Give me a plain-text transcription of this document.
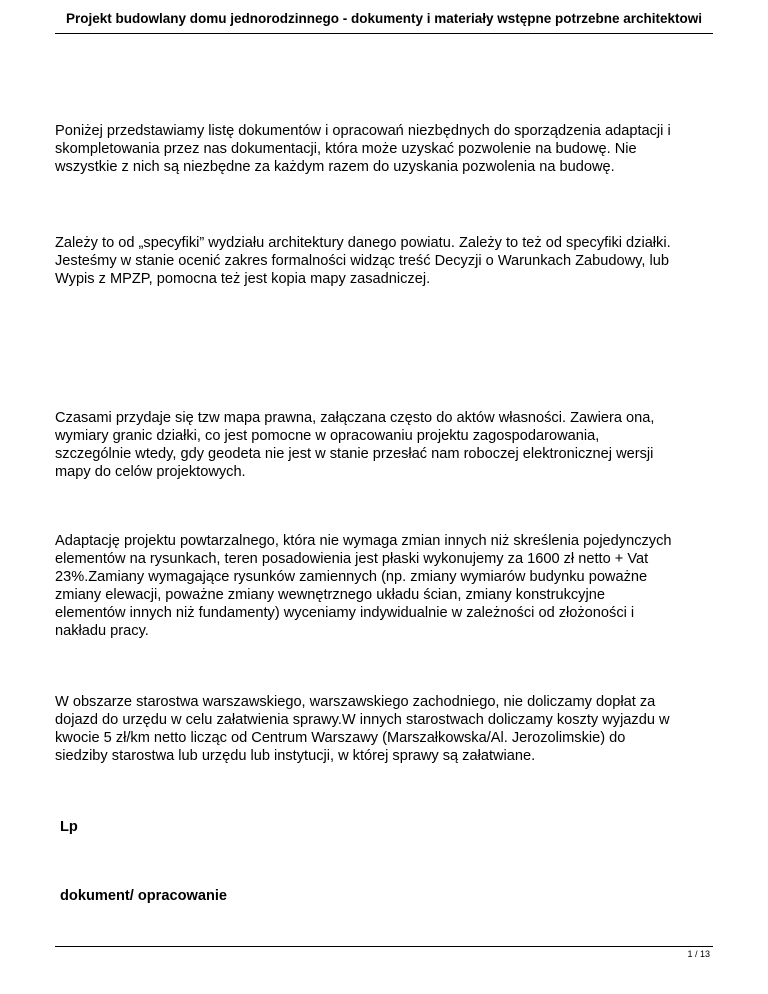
Projekt budowlany domu jednorodzinnego - dokumenty i materiały wstępne potrzebne architektowi
Poniżej przedstawiamy listę dokumentów i opracowań niezbędnych do sporządzenia adaptacji i
skompletowania przez nas dokumentacji, która może uzyskać pozwolenie na budowę. Nie
wszystkie z nich są niezbędne za każdym razem do uzyskania pozwolenia na budowę.
Zależy to od „specyfiki” wydziału architektury danego powiatu. Zależy to też od specyfiki działki.
Jesteśmy w stanie ocenić zakres formalności widząc treść Decyzji o Warunkach Zabudowy, lub
Wypis z MPZP, pomocna też jest kopia mapy zasadniczej.
Czasami przydaje się tzw mapa prawna, załączana często do aktów własności. Zawiera ona,
wymiary granic działki, co jest pomocne w opracowaniu projektu zagospodarowania,
szczególnie wtedy, gdy geodeta nie jest w stanie przesłać nam roboczej elektronicznej wersji
mapy do celów projektowych.
Adaptację projektu powtarzalnego, która nie wymaga zmian innych niż skreślenia pojedynczych
elementów na rysunkach, teren posadowienia jest płaski wykonujemy za 1600 zł netto + Vat
23%.Zamiany wymagające rysunków zamiennych (np. zmiany wymiarów budynku poważne
zmiany elewacji, poważne zmiany wewnętrznego układu ścian, zmiany konstrukcyjne
elementów innych niż fundamenty) wyceniamy indywidualnie w zależności od złożoności i
nakładu pracy.
W obszarze starostwa warszawskiego, warszawskiego zachodniego, nie doliczamy dopłat za
dojazd do urzędu w celu załatwienia sprawy.W innych starostwach doliczamy koszty wyjazdu w
kwocie 5 zł/km netto licząc od Centrum Warszawy (Marszałkowska/Al. Jerozolimskie) do
siedziby starostwa lub urzędu lub instytucji, w której sprawy są załatwiane.
Lp
dokument/ opracowanie
1 / 13
